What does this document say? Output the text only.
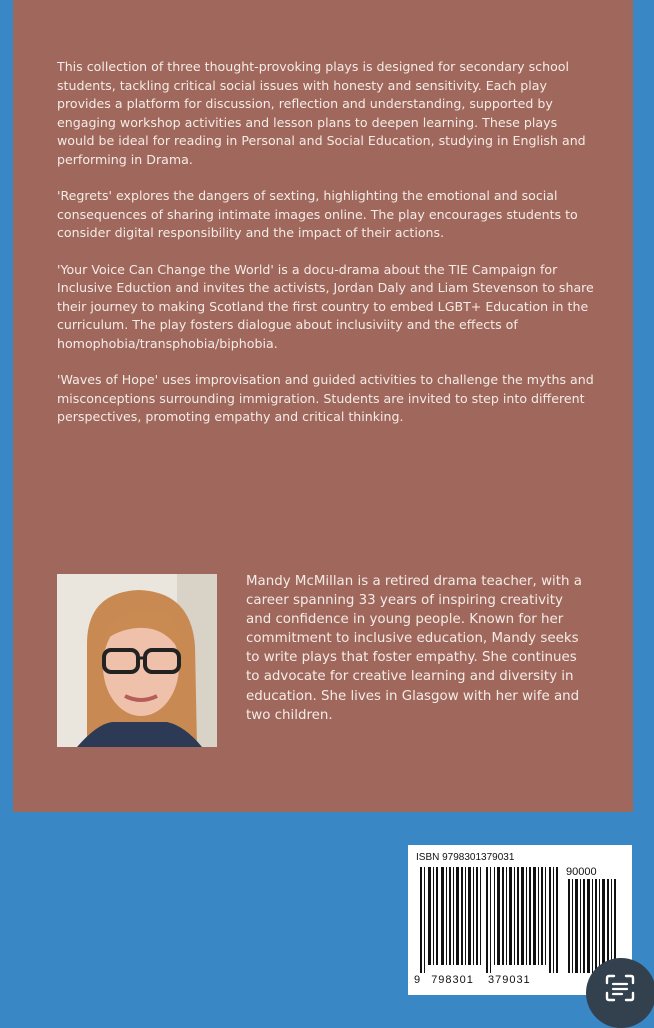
This collection of three thought-provoking plays is designed for secondary school students, tackling critical social issues with honesty and sensitivity. Each play provides a platform for discussion, reflection and understanding, supported by engaging workshop activities and lesson plans to deepen learning. These plays would be ideal for reading in Personal and Social Education, studying in English and performing in Drama.

'Regrets' explores the dangers of sexting, highlighting the emotional and social consequences of sharing intimate images online. The play encourages students to consider digital responsibility and the impact of their actions.

'Your Voice Can Change the World' is a docu-drama about the TIE Campaign for Inclusive Eduction and invites the activists, Jordan Daly and Liam Stevenson to share their journey to making Scotland the first country to embed LGBT+ Education in the curriculum. The play fosters dialogue about inclusiviity and the effects of homophobia/transphobia/biphobia.

'Waves of Hope' uses improvisation and guided activities to challenge the myths and misconceptions surrounding immigration. Students are invited to step into different perspectives, promoting empathy and critical thinking.

Mandy McMillan is a retired drama teacher, with a career spanning 33 years of inspiring creativity and confidence in young people. Known for her commitment to inclusive education, Mandy seeks to write plays that foster empathy. She continues to advocate for creative learning and diversity in education. She lives in Glasgow with her wife and two children.
ISBN 9798301379031
90000
9 798301 379031
